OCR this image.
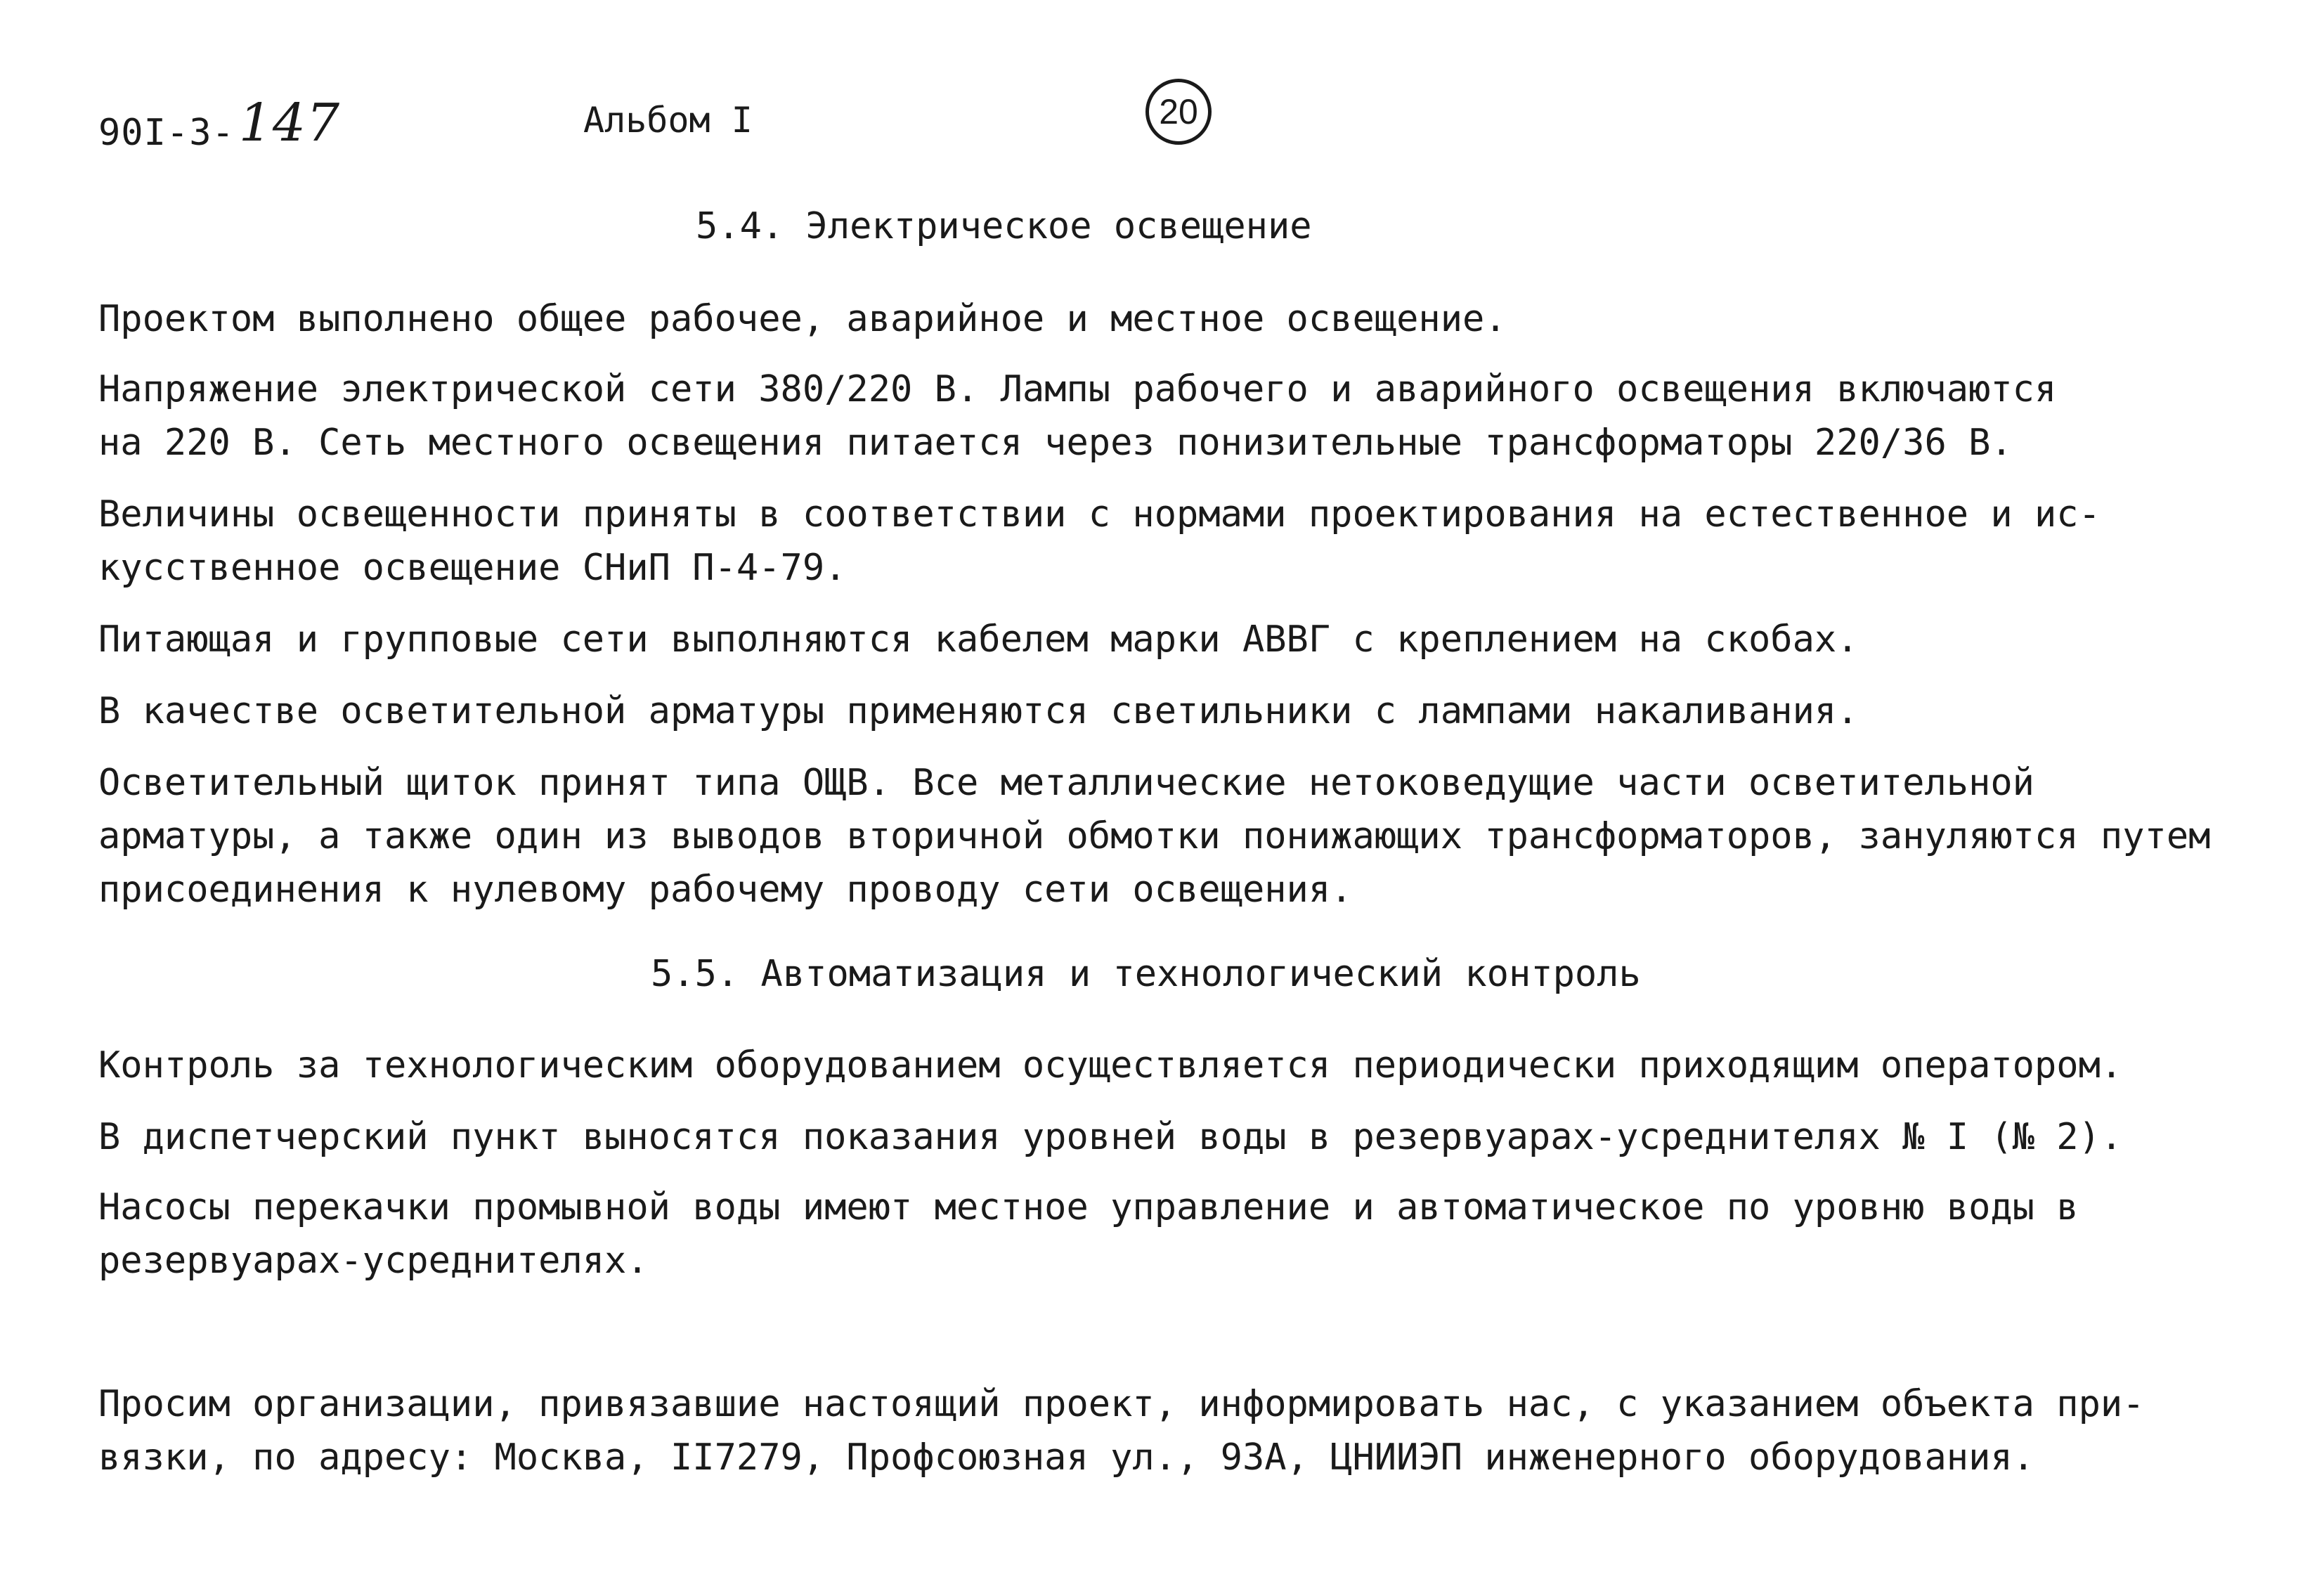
90I-3-147	Альбом I	20
5.4. Электрическое освещение

Проектом выполнено общее рабочее, аварийное и местное освещение.

Напряжение электрической сети 380/220 В. Лампы рабочего и аварийного освещения включаются
на 220 В. Сеть местного освещения питается через понизительные трансформаторы 220/36 В.

Величины освещенности приняты в соответствии с нормами проектирования на естественное и ис-
кусственное освещение СНиП П-4-79.

Питающая и групповые сети выполняются кабелем марки АВВГ с креплением на скобах.

В качестве осветительной арматуры применяются светильники с лампами накаливания.

Осветительный щиток принят типа ОЩВ. Все металлические нетоковедущие части осветительной
арматуры, а также один из выводов вторичной обмотки понижающих трансформаторов, зануляются путем
присоединения к нулевому рабочему проводу сети освещения.

5.5. Автоматизация и технологический контроль

Контроль за технологическим оборудованием осуществляется периодически приходящим оператором.

В диспетчерский пункт выносятся показания уровней воды в резервуарах-усреднителях № I (№ 2).

Насосы перекачки промывной воды имеют местное управление и автоматическое по уровню воды в
резервуарах-усреднителях.

Просим организации, привязавшие настоящий проект, информировать нас, с указанием объекта при-
вязки, по адресу: Москва, II7279, Профсоюзная ул., 93А, ЦНИИЭП инженерного оборудования.
